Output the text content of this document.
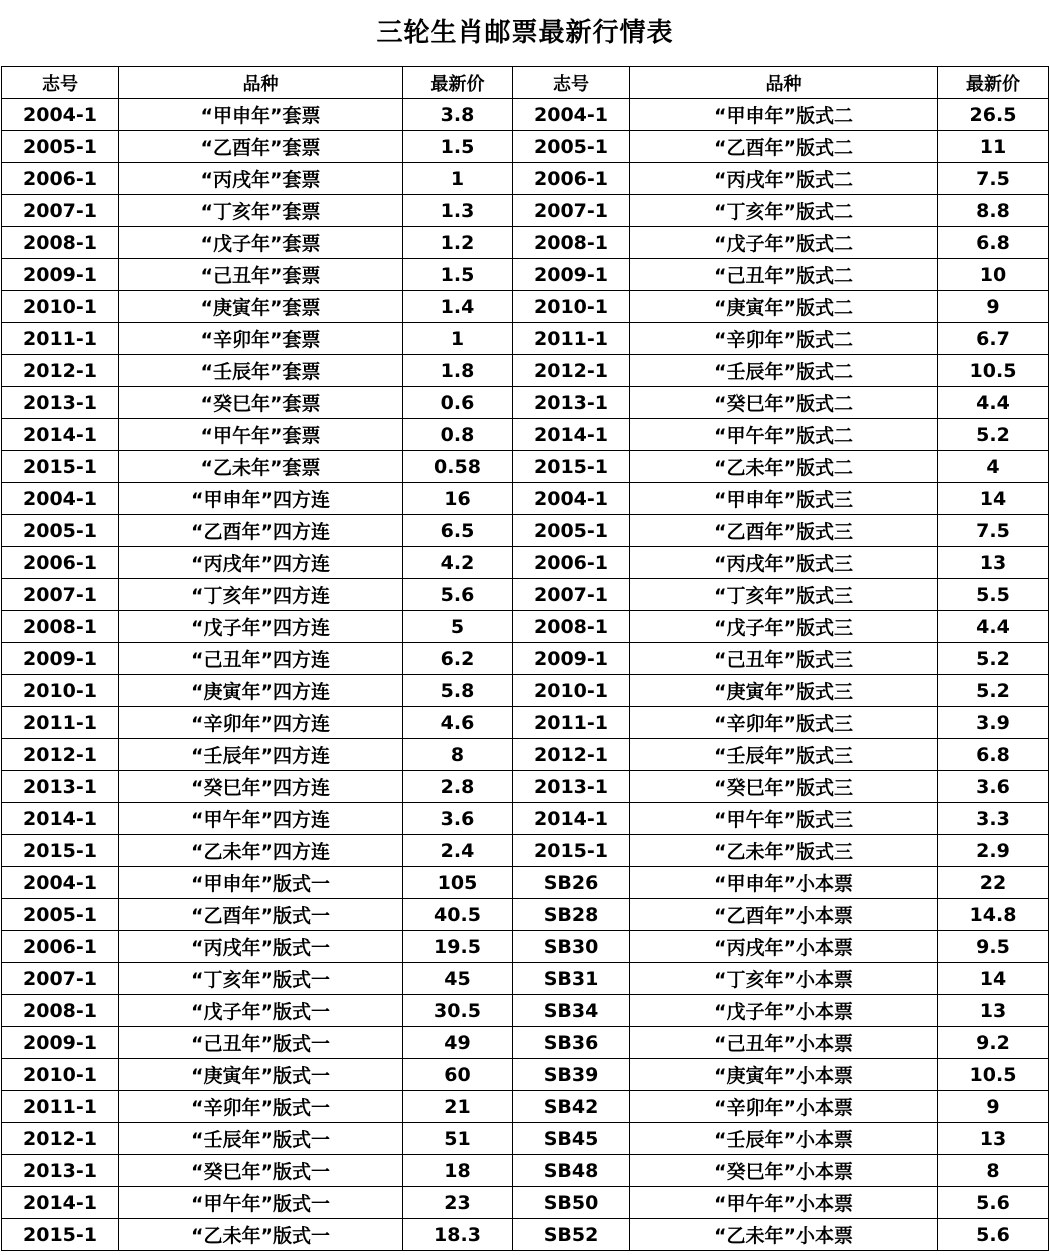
三轮生肖邮票最新行情表
志号	品种	最新价	志号	品种	最新价
2004-1	“甲申年”套票	3.8	2004-1	“甲申年”版式二	26.5
2005-1	“乙酉年”套票	1.5	2005-1	“乙酉年”版式二	11
2006-1	“丙戌年”套票	1	2006-1	“丙戌年”版式二	7.5
2007-1	“丁亥年”套票	1.3	2007-1	“丁亥年”版式二	8.8
2008-1	“戊子年”套票	1.2	2008-1	“戊子年”版式二	6.8
2009-1	“己丑年”套票	1.5	2009-1	“己丑年”版式二	10
2010-1	“庚寅年”套票	1.4	2010-1	“庚寅年”版式二	9
2011-1	“辛卯年”套票	1	2011-1	“辛卯年”版式二	6.7
2012-1	“壬辰年”套票	1.8	2012-1	“壬辰年”版式二	10.5
2013-1	“癸巳年”套票	0.6	2013-1	“癸巳年”版式二	4.4
2014-1	“甲午年”套票	0.8	2014-1	“甲午年”版式二	5.2
2015-1	“乙未年”套票	0.58	2015-1	“乙未年”版式二	4
2004-1	“甲申年”四方连	16	2004-1	“甲申年”版式三	14
2005-1	“乙酉年”四方连	6.5	2005-1	“乙酉年”版式三	7.5
2006-1	“丙戌年”四方连	4.2	2006-1	“丙戌年”版式三	13
2007-1	“丁亥年”四方连	5.6	2007-1	“丁亥年”版式三	5.5
2008-1	“戊子年”四方连	5	2008-1	“戊子年”版式三	4.4
2009-1	“己丑年”四方连	6.2	2009-1	“己丑年”版式三	5.2
2010-1	“庚寅年”四方连	5.8	2010-1	“庚寅年”版式三	5.2
2011-1	“辛卯年”四方连	4.6	2011-1	“辛卯年”版式三	3.9
2012-1	“壬辰年”四方连	8	2012-1	“壬辰年”版式三	6.8
2013-1	“癸巳年”四方连	2.8	2013-1	“癸巳年”版式三	3.6
2014-1	“甲午年”四方连	3.6	2014-1	“甲午年”版式三	3.3
2015-1	“乙未年”四方连	2.4	2015-1	“乙未年”版式三	2.9
2004-1	“甲申年”版式一	105	SB26	“甲申年”小本票	22
2005-1	“乙酉年”版式一	40.5	SB28	“乙酉年”小本票	14.8
2006-1	“丙戌年”版式一	19.5	SB30	“丙戌年”小本票	9.5
2007-1	“丁亥年”版式一	45	SB31	“丁亥年”小本票	14
2008-1	“戊子年”版式一	30.5	SB34	“戊子年”小本票	13
2009-1	“己丑年”版式一	49	SB36	“己丑年”小本票	9.2
2010-1	“庚寅年”版式一	60	SB39	“庚寅年”小本票	10.5
2011-1	“辛卯年”版式一	21	SB42	“辛卯年”小本票	9
2012-1	“壬辰年”版式一	51	SB45	“壬辰年”小本票	13
2013-1	“癸巳年”版式一	18	SB48	“癸巳年”小本票	8
2014-1	“甲午年”版式一	23	SB50	“甲午年”小本票	5.6
2015-1	“乙未年”版式一	18.3	SB52	“乙未年”小本票	5.6
